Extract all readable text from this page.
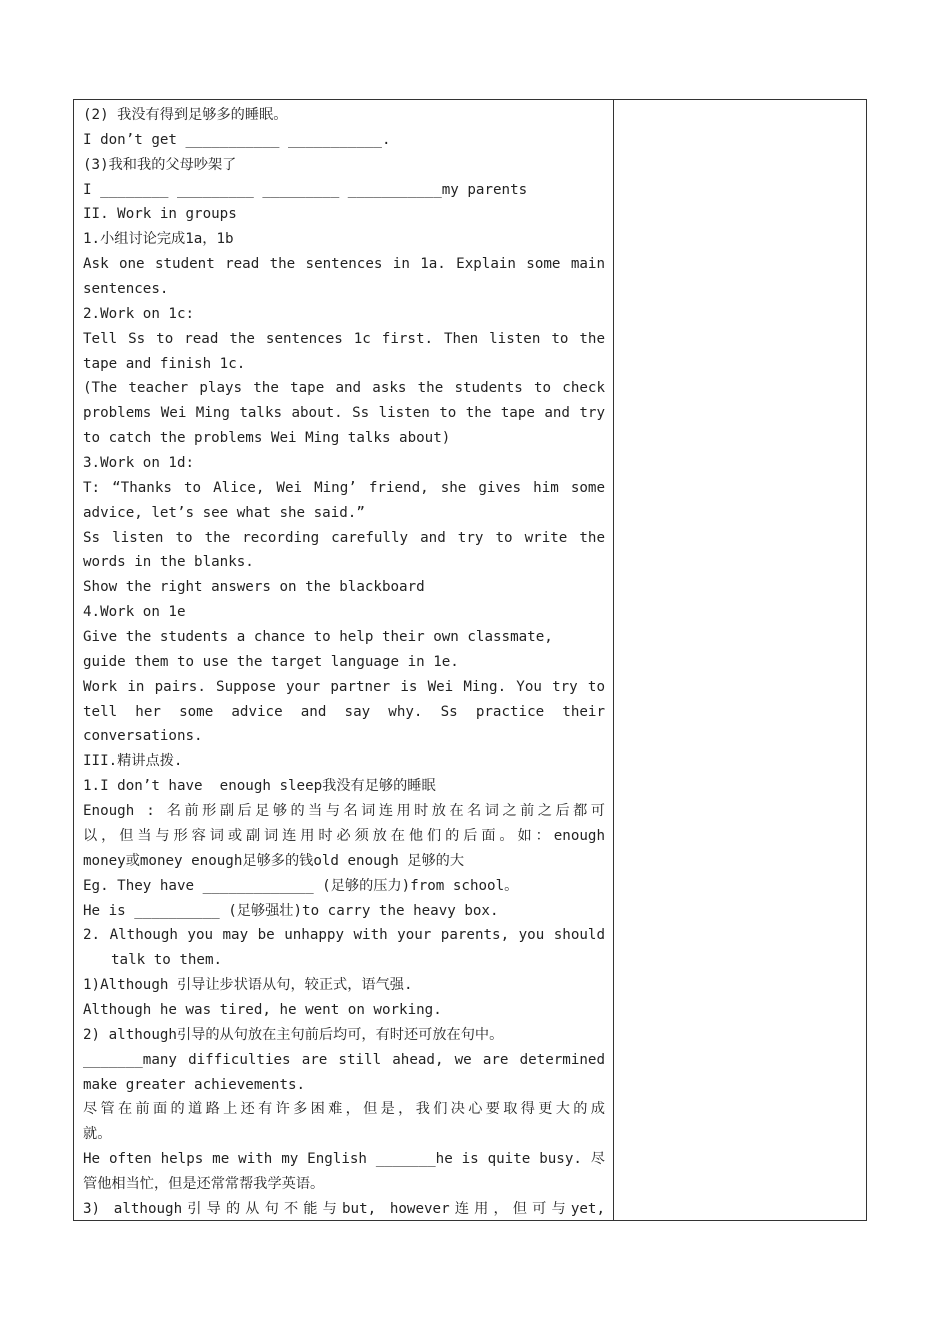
(2) 我没有得到足够多的睡眠。
I don’t get ___________ ___________.
(3)我和我的父母吵架了
I ________ _________ _________ ___________my parents
II. Work in groups
1.小组讨论完成1a，1b
Ask one student read the sentences in 1a. Explain some main
sentences.
2.Work on 1c:
Tell Ss to read the sentences 1c first. Then listen to the
tape and finish 1c.
(The teacher plays the tape and asks the students to check
problems Wei Ming talks about. Ss listen to the tape and try
to catch the problems Wei Ming talks about)
3.Work on 1d:
T: “Thanks to Alice, Wei Ming’ friend, she gives him some
advice, let’s see what she said.”
Ss listen to the recording carefully and try to write the
words in the blanks.
Show the right answers on the blackboard
4.Work on 1e
Give the students a chance to help their own classmate,
guide them to use the target language in 1e.
Work in pairs. Suppose your partner is Wei Ming. You try to
tell her some advice and say why. Ss practice their
conversations.
III.精讲点拨.
1.I don’t have  enough sleep我没有足够的睡眠
Enough : 名前形副后足够的当与名词连用时放在名词之前之后都可
以，但当与形容词或副词连用时必须放在他们的后面。如：enough
money或money enough足够多的钱old enough 足够的大
Eg. They have _____________ (足够的压力)from school。
He is __________ (足够强壮)to carry the heavy box.
2. Although you may be unhappy with your parents, you should
talk to them.
1)Although 引导让步状语从句，较正式，语气强.
Although he was tired, he went on working.
2) although引导的从句放在主句前后均可，有时还可放在句中。
_______many difficulties are still ahead, we are determined
make greater achievements.
尽管在前面的道路上还有许多困难，但是，我们决心要取得更大的成
就。
He often helps me with my English _______he is quite busy. 尽
管他相当忙，但是还常常帮我学英语。
3) although引导的从句不能与but, however连用，但可与yet,
